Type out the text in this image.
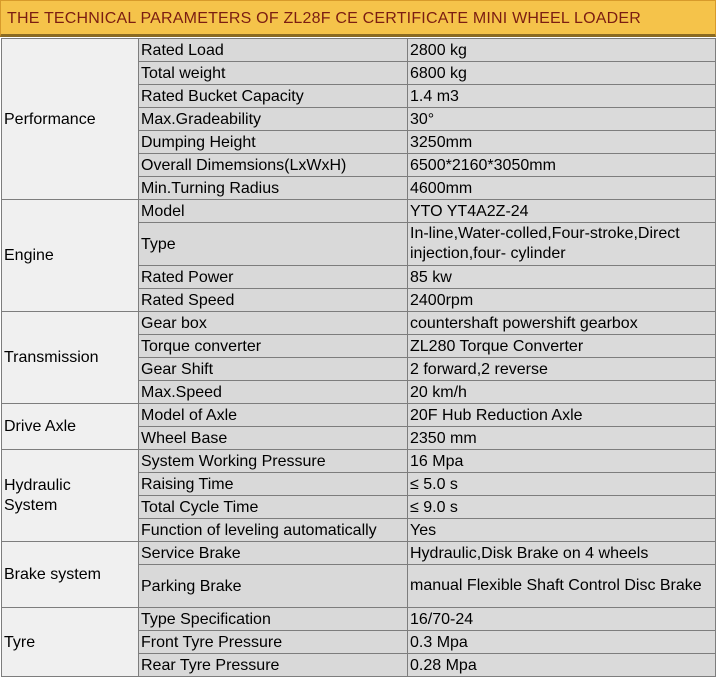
THE TECHNICAL PARAMETERS OF ZL28F CE CERTIFICATE MINI WHEEL LOADER
Performance	Rated Load	2800 kg
	Total weight	6800 kg
	Rated Bucket Capacity	1.4 m3
	Max.Gradeability	30°
	Dumping Height	3250mm
	Overall Dimemsions(LxWxH)	6500*2160*3050mm
	Min.Turning Radius	4600mm
Engine	Model	YTO YT4A2Z-24
	Type	In-line,Water-colled,Four-stroke,Direct injection,four- cylinder
	Rated Power	85 kw
	Rated Speed	2400rpm
Transmission	Gear box	countershaft powershift gearbox
	Torque converter	ZL280 Torque Converter
	Gear Shift	2 forward,2 reverse
	Max.Speed	20 km/h
Drive Axle	Model of Axle	20F Hub Reduction Axle
	Wheel Base	2350 mm
Hydraulic System	System Working Pressure	16 Mpa
	Raising Time	≤ 5.0 s
	Total Cycle Time	≤ 9.0 s
	Function of leveling automatically	Yes
Brake system	Service Brake	Hydraulic,Disk Brake on 4 wheels
	Parking Brake	manual Flexible Shaft Control Disc Brake
Tyre	Type Specification	16/70-24
	Front Tyre Pressure	0.3 Mpa
	Rear Tyre Pressure	0.28 Mpa
